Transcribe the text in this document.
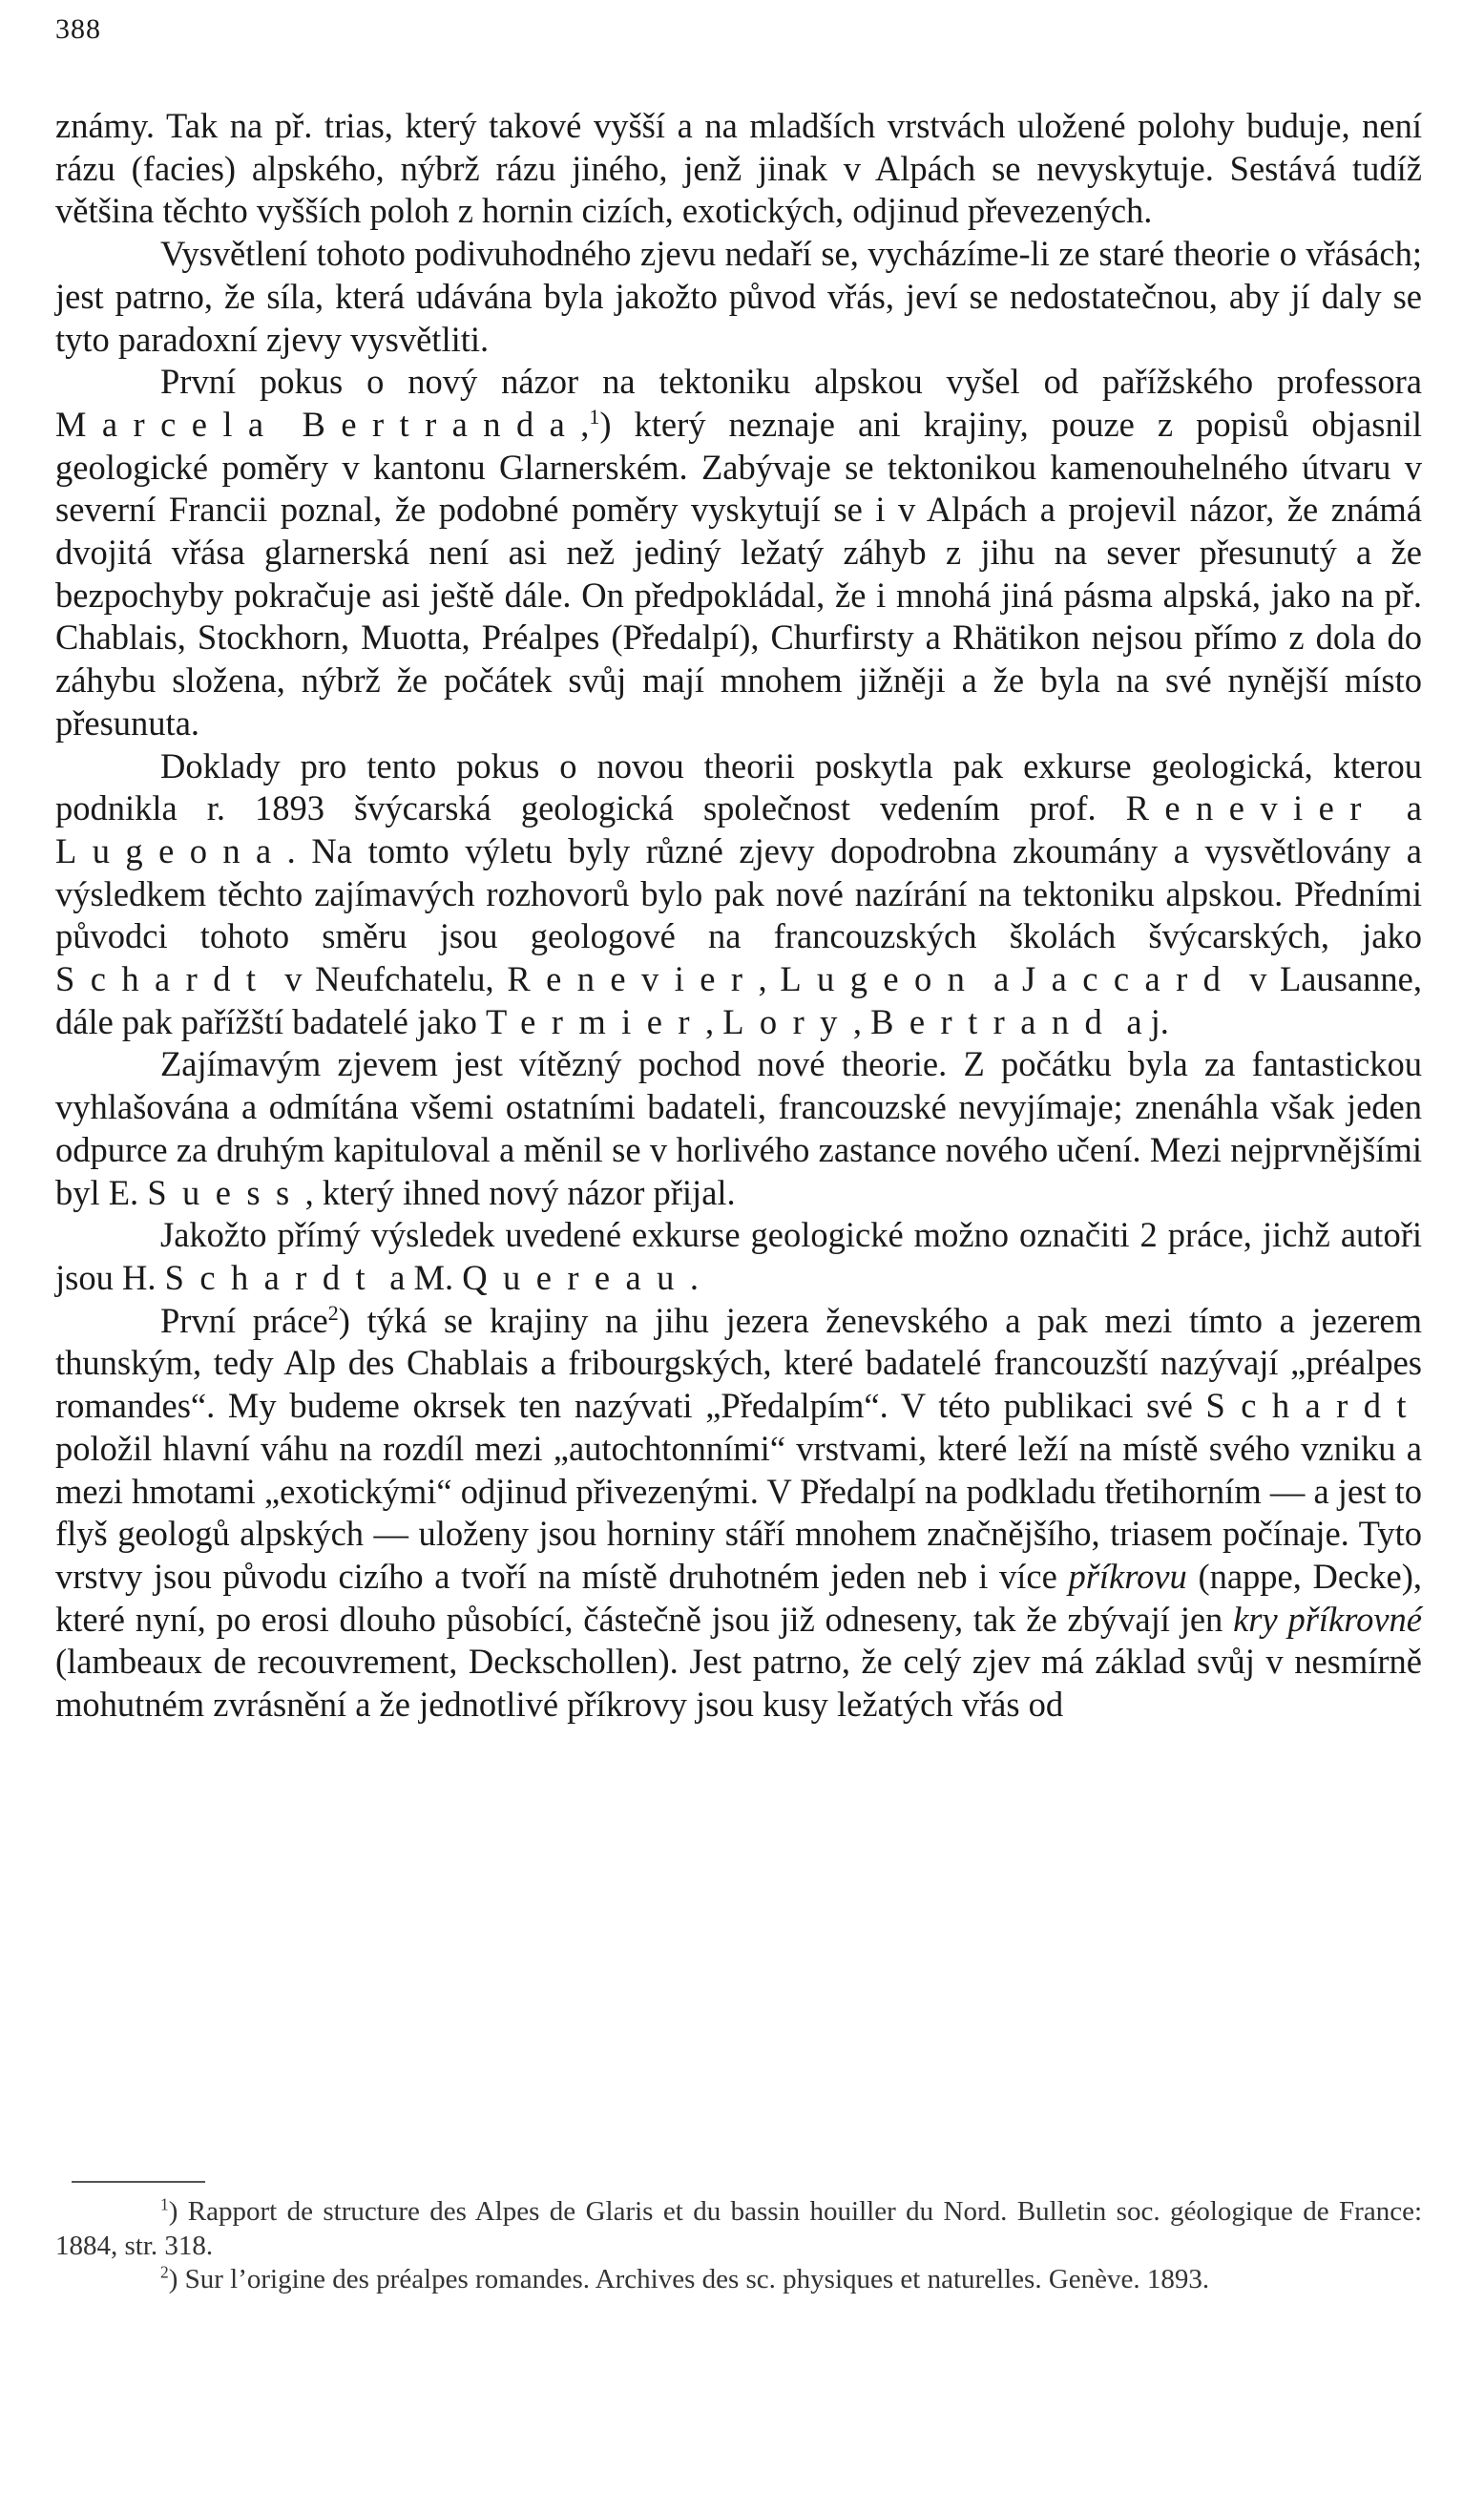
388

známy. Tak na př. trias, který takové vyšší a na mladších vrstvách uložené polohy buduje, není rázu (facies) alpského, nýbrž rázu jiného, jenž jinak v Alpách se nevyskytuje. Sestává tudíž většina těchto vyšších poloh z hornin cizích, exotických, odjinud převezených.

Vysvětlení tohoto podivuhodného zjevu nedaří se, vycházíme-li ze staré theorie o vřásách; jest patrno, že síla, která udávána byla jakožto původ vřás, jeví se nedostatečnou, aby jí daly se tyto paradoxní zjevy vysvětliti.

První pokus o nový názor na tektoniku alpskou vyšel od pařížského professora Marcela Bertranda,$^1$) který neznaje ani krajiny, pouze z popisů objasnil geologické poměry v kantonu Glarnerském. Zabývaje se tektonikou kamenouhelného útvaru v severní Francii poznal, že podobné poměry vyskytují se i v Alpách a projevil názor, že známá dvojitá vřása glarnerská není asi než jediný ležatý záhyb z jihu na sever přesunutý a že bezpochyby pokračuje asi ještě dále. On předpokládal, že i mnohá jiná pásma alpská, jako na př. Chablais, Stockhorn, Muotta, Préalpes (Předalpí), Churfirsty a Rhätikon nejsou přímo z dola do záhybu složena, nýbrž že počátek svůj mají mnohem jižněji a že byla na své nynější místo přesunuta.

Doklady pro tento pokus o novou theorii poskytla pak exkurse geologická, kterou podnikla r. 1893 švýcarská geologická společnost vedením prof. Renevier a Lugeona. Na tomto výletu byly různé zjevy dopodrobna zkoumány a vysvětlovány a výsledkem těchto zajímavých rozhovorů bylo pak nové nazírání na tektoniku alpskou. Předními původci tohoto směru jsou geologové na francouzských školách švýcarských, jako Schardt v Neufchatelu, Renevier, Lugeon a Jaccard v Lausanne, dále pak pařížští badatelé jako Termier, Lory, Bertrand a j.

Zajímavým zjevem jest vítězný pochod nové theorie. Z počátku byla za fantastickou vyhlašována a odmítána všemi ostatními badateli, francouzské nevyjímaje; znenáhla však jeden odpurce za druhým kapituloval a měnil se v horlivého zastance nového učení. Mezi nejprvnějšími byl E. Suess, který ihned nový názor přijal.

Jakožto přímý výsledek uvedené exkurse geologické možno označiti 2 práce, jichž autoři jsou H. Schardt a M. Quereau.

První práce$^2$) týká se krajiny na jihu jezera ženevského a pak mezi tímto a jezerem thunským, tedy Alp des Chablais a fribourgských, které badatelé francouzští nazývají „préalpes romandes“. My budeme okrsek ten nazývati „Předalpím“. V této publikaci své Schardt položil hlavní váhu na rozdíl mezi „autochtonními“ vrstvami, které leží na místě svého vzniku a mezi hmotami „exotickými“ odjinud přivezenými. V Předalpí na podkladu třetihorním — a jest to flyš geologů alpských — uloženy jsou horniny stáří mnohem značnějšího, triasem počínaje. Tyto vrstvy jsou původu cizího a tvoří na místě druhotném jeden neb i více příkrovu (nappe, Decke), které nyní, po erosi dlouho působící, částečně jsou již odneseny, tak že zbývají jen kry příkrovné (lambeaux de recouvrement, Deckschollen). Jest patrno, že celý zjev má základ svůj v nesmírně mohutném zvrásnění a že jednotlivé příkrovy jsou kusy ležatých vřás od

$^1$) Rapport de structure des Alpes de Glaris et du bassin houiller du Nord. Bulletin soc. géologique de France: 1884, str. 318.

$^2$) Sur l’origine des préalpes romandes. Archives des sc. physiques et naturelles. Genève. 1893.
